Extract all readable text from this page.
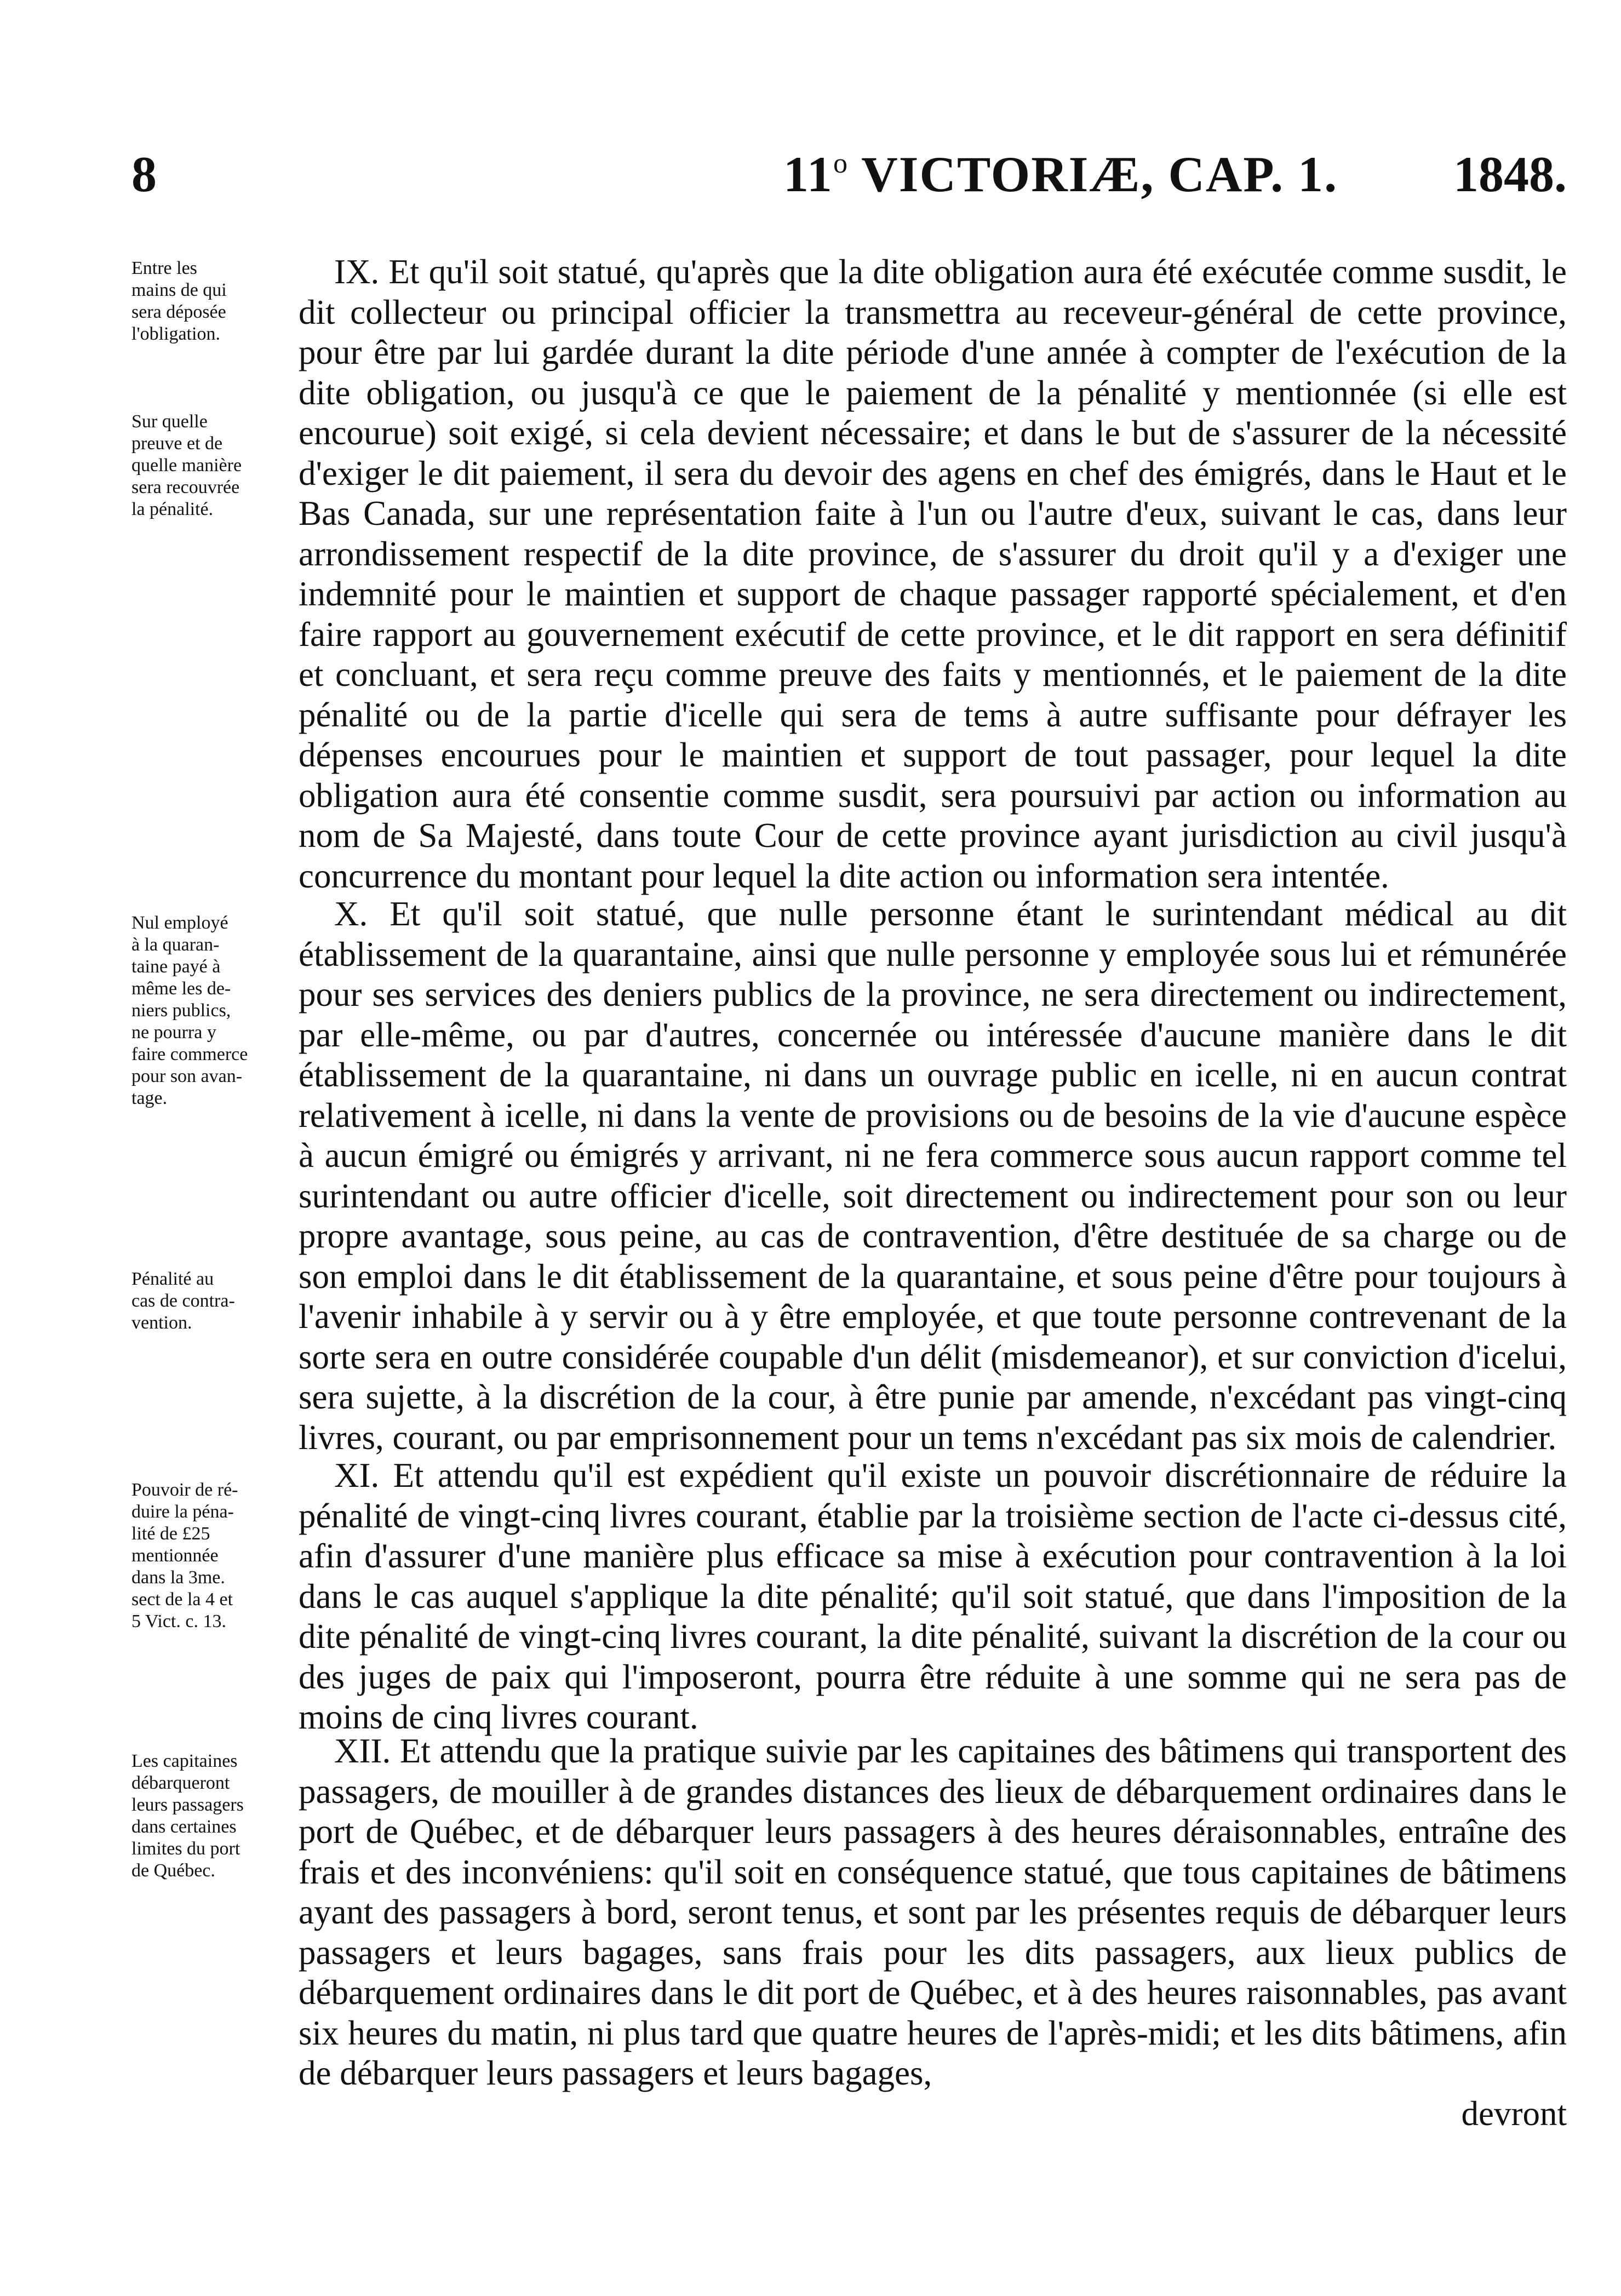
8	11$^o$ VICTORIÆ, CAP. 1. 1848.
Entre les
mains de qui
sera déposée
l'obligation.
Sur quelle
preuve et de
quelle manière
sera recouvrée
la pénalité.

IX. Et qu'il soit statué, qu'après que la dite obligation aura été exécutée comme susdit, le dit collecteur ou principal officier la transmettra au receveur-général de cette province, pour être par lui gardée durant la dite période d'une année à compter de l'exécution de la dite obligation, ou jusqu'à ce que le paiement de la pénalité y mentionnée (si elle est encourue) soit exigé, si cela devient nécessaire; et dans le but de s'assurer de la nécessité d'exiger le dit paiement, il sera du devoir des agens en chef des émigrés, dans le Haut et le Bas Canada, sur une représentation faite à l'un ou l'autre d'eux, suivant le cas, dans leur arrondissement respectif de la dite province, de s'assurer du droit qu'il y a d'exiger une indemnité pour le maintien et support de chaque passager rapporté spécialement, et d'en faire rapport au gouvernement exécutif de cette province, et le dit rapport en sera définitif et concluant, et sera reçu comme preuve des faits y mentionnés, et le paiement de la dite pénalité ou de la partie d'icelle qui sera de tems à autre suffisante pour défrayer les dépenses encourues pour le maintien et support de tout passager, pour lequel la dite obligation aura été consentie comme susdit, sera poursuivi par action ou information au nom de Sa Majesté, dans toute Cour de cette province ayant jurisdiction au civil jusqu'à concurrence du montant pour lequel la dite action ou information sera intentée.

Nul employé
à la quaran-
taine payé à
même les de-
niers publics,
ne pourra y
faire commerce
pour son avan-
tage.
Pénalité au
cas de contra-
vention.

X. Et qu'il soit statué, que nulle personne étant le surintendant médical au dit établissement de la quarantaine, ainsi que nulle personne y employée sous lui et rémunérée pour ses services des deniers publics de la province, ne sera directement ou indirectement, par elle-même, ou par d'autres, concernée ou intéressée d'aucune manière dans le dit établissement de la quarantaine, ni dans un ouvrage public en icelle, ni en aucun contrat relativement à icelle, ni dans la vente de provisions ou de besoins de la vie d'aucune espèce à aucun émigré ou émigrés y arrivant, ni ne fera commerce sous aucun rapport comme tel surintendant ou autre officier d'icelle, soit directement ou indirectement pour son ou leur propre avantage, sous peine, au cas de contravention, d'être destituée de sa charge ou de son emploi dans le dit établissement de la quarantaine, et sous peine d'être pour toujours à l'avenir inhabile à y servir ou à y être employée, et que toute personne contrevenant de la sorte sera en outre considérée coupable d'un délit (misdemeanor), et sur conviction d'icelui, sera sujette, à la discrétion de la cour, à être punie par amende, n'excédant pas vingt-cinq livres, courant, ou par emprisonnement pour un tems n'excédant pas six mois de calendrier.

Pouvoir de ré-
duire la péna-
lité de £25
mentionnée
dans la 3me.
sect de la 4 et
5 Vict. c. 13.

XI. Et attendu qu'il est expédient qu'il existe un pouvoir discrétionnaire de réduire la pénalité de vingt-cinq livres courant, établie par la troisième section de l'acte ci-dessus cité, afin d'assurer d'une manière plus efficace sa mise à exécution pour contravention à la loi dans le cas auquel s'applique la dite pénalité; qu'il soit statué, que dans l'imposition de la dite pénalité de vingt-cinq livres courant, la dite pénalité, suivant la discrétion de la cour ou des juges de paix qui l'imposeront, pourra être réduite à une somme qui ne sera pas de moins de cinq livres courant.

Les capitaines
débarqueront
leurs passagers
dans certaines
limites du port
de Québec.

XII. Et attendu que la pratique suivie par les capitaines des bâtimens qui transportent des passagers, de mouiller à de grandes distances des lieux de débarquement ordinaires dans le port de Québec, et de débarquer leurs passagers à des heures déraisonnables, entraîne des frais et des inconvéniens: qu'il soit en conséquence statué, que tous capitaines de bâtimens ayant des passagers à bord, seront tenus, et sont par les présentes requis de débarquer leurs passagers et leurs bagages, sans frais pour les dits passagers, aux lieux publics de débarquement ordinaires dans le dit port de Québec, et à des heures raisonnables, pas avant six heures du matin, ni plus tard que quatre heures de l'après-midi; et les dits bâtimens, afin de débarquer leurs passagers et leurs bagages,

devront
